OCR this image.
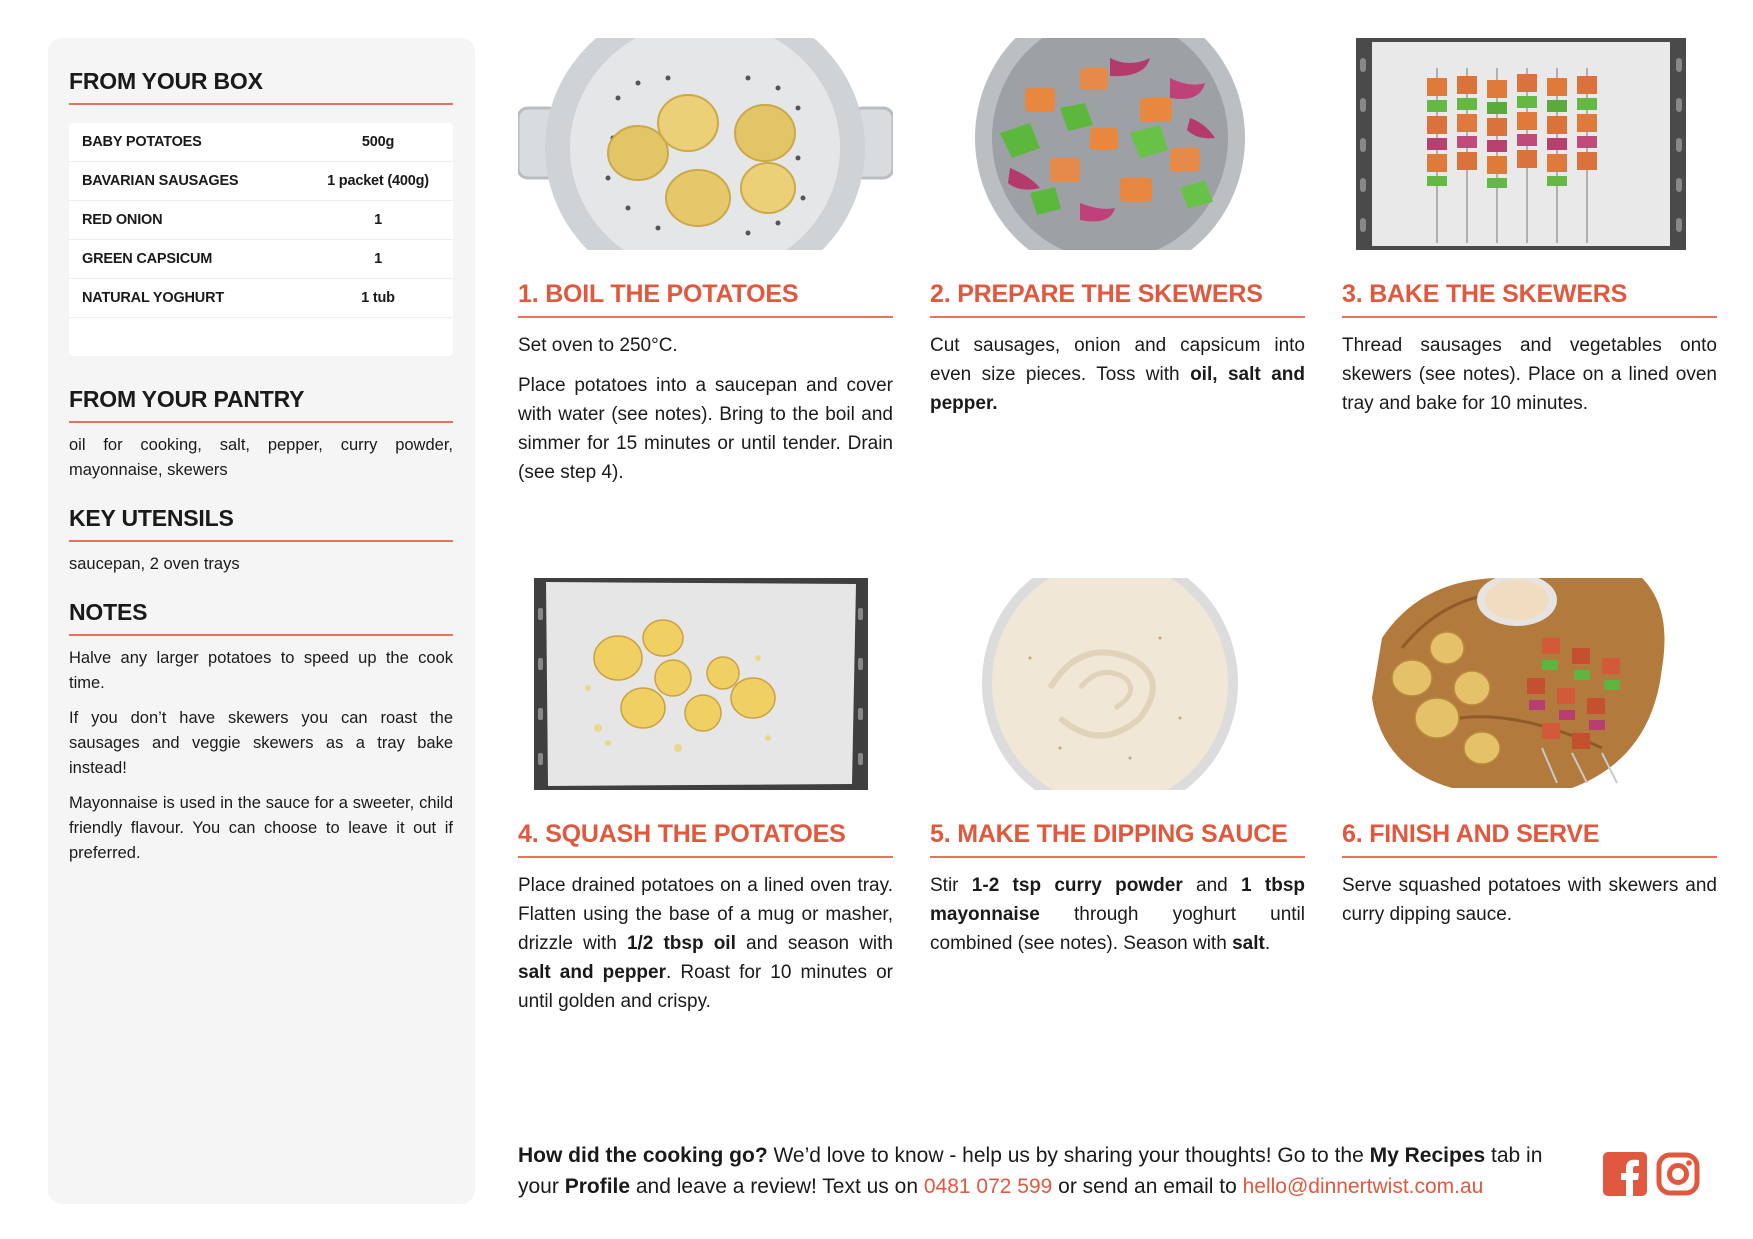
FROM YOUR BOX
BABY POTATOES	500g
BAVARIAN SAUSAGES	1 packet (400g)
RED ONION	1
GREEN CAPSICUM	1
NATURAL YOGHURT	1 tub

FROM YOUR PANTRY

oil for cooking, salt, pepper, curry powder, mayonnaise, skewers

KEY UTENSILS

saucepan, 2 oven trays

NOTES

Halve any larger potatoes to speed up the cook time.

If you don’t have skewers you can roast the sausages and veggie skewers as a tray bake instead!

Mayonnaise is used in the sauce for a sweeter, child friendly flavour. You can choose to leave it out if preferred.

1. BOIL THE POTATOES

Set oven to 250°C.

Place potatoes into a saucepan and cover with water (see notes). Bring to the boil and simmer for 15 minutes or until tender. Drain (see step 4).

2. PREPARE THE SKEWERS

Cut sausages, onion and capsicum into even size pieces. Toss with oil, salt and pepper.

3. BAKE THE SKEWERS

Thread sausages and vegetables onto skewers (see notes). Place on a lined oven tray and bake for 10 minutes.

4. SQUASH THE POTATOES

Place drained potatoes on a lined oven tray. Flatten using the base of a mug or masher, drizzle with 1/2 tbsp oil and season with salt and pepper. Roast for 10 minutes or until golden and crispy.

5. MAKE THE DIPPING SAUCE

Stir 1-2 tsp curry powder and 1 tbsp mayonnaise through yoghurt until combined (see notes). Season with salt.

6. FINISH AND SERVE

Serve squashed potatoes with skewers and curry dipping sauce.

How did the cooking go? We’d love to know - help us by sharing your thoughts! Go to the My Recipes tab in your Profile and leave a review! Text us on 0481 072 599 or send an email to hello@dinnertwist.com.au
